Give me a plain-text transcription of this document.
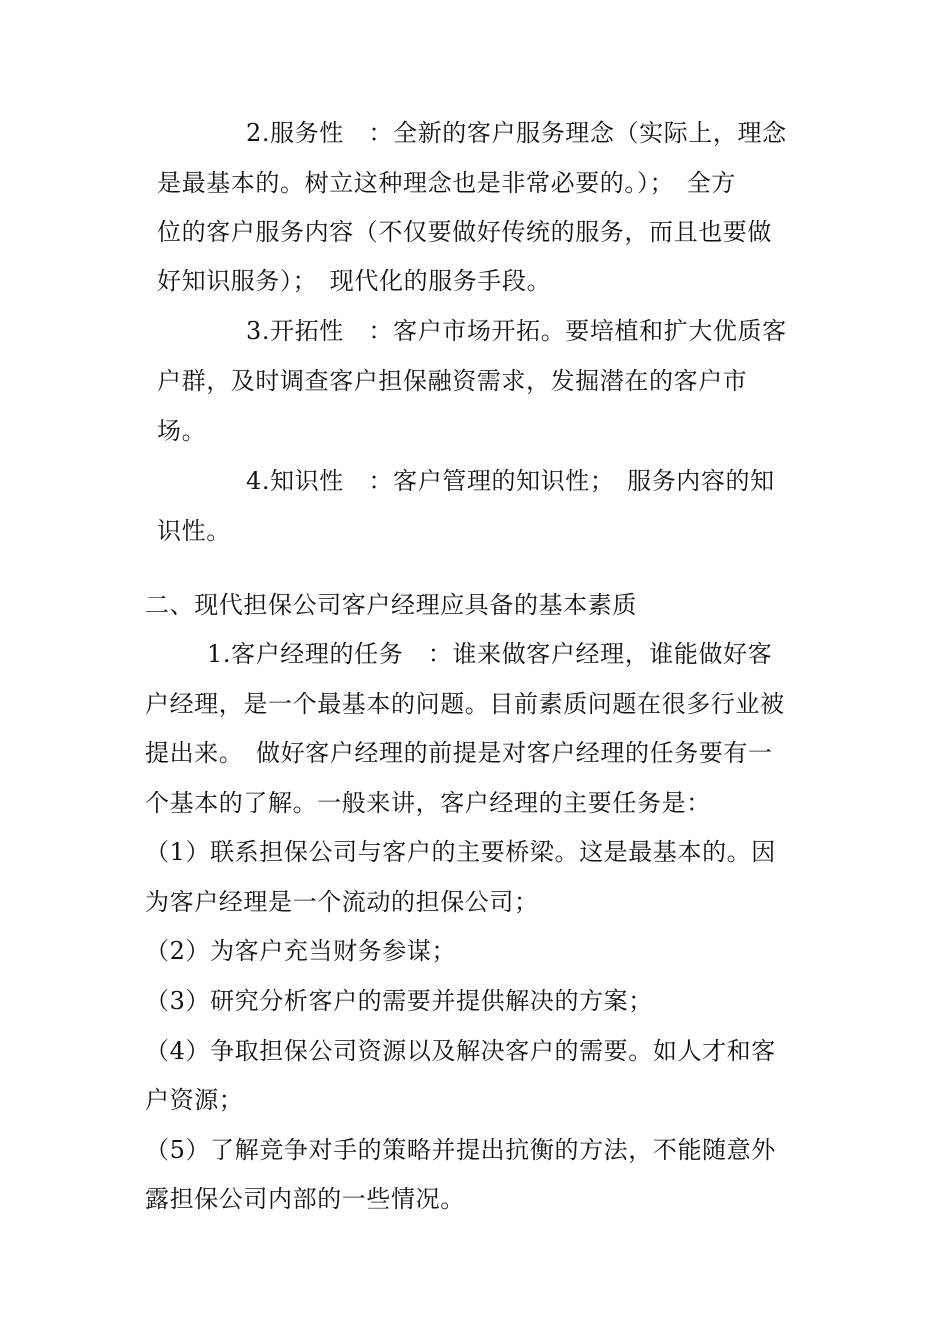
2.服务性　：全新的客户服务理念（实际上，理念
是最基本的。树立这种理念也是非常必要的。）；　全方
位的客户服务内容（不仅要做好传统的服务，而且也要做
好知识服务）；　现代化的服务手段。
3.开拓性　：客户市场开拓。要培植和扩大优质客
户群，及时调查客户担保融资需求，发掘潜在的客户市
场。
4.知识性　：客户管理的知识性；　服务内容的知
识性。
二、现代担保公司客户经理应具备的基本素质
1.客户经理的任务　：谁来做客户经理，谁能做好客
户经理，是一个最基本的问题。目前素质问题在很多行业被
提出来。　做好客户经理的前提是对客户经理的任务要有一
个基本的了解。一般来讲，客户经理的主要任务是：
（1）联系担保公司与客户的主要桥梁。这是最基本的。因
为客户经理是一个流动的担保公司；
（2）为客户充当财务参谋；
（3）研究分析客户的需要并提供解决的方案；
（4）争取担保公司资源以及解决客户的需要。如人才和客
户资源；
（5）了解竞争对手的策略并提出抗衡的方法，不能随意外
露担保公司内部的一些情况。
